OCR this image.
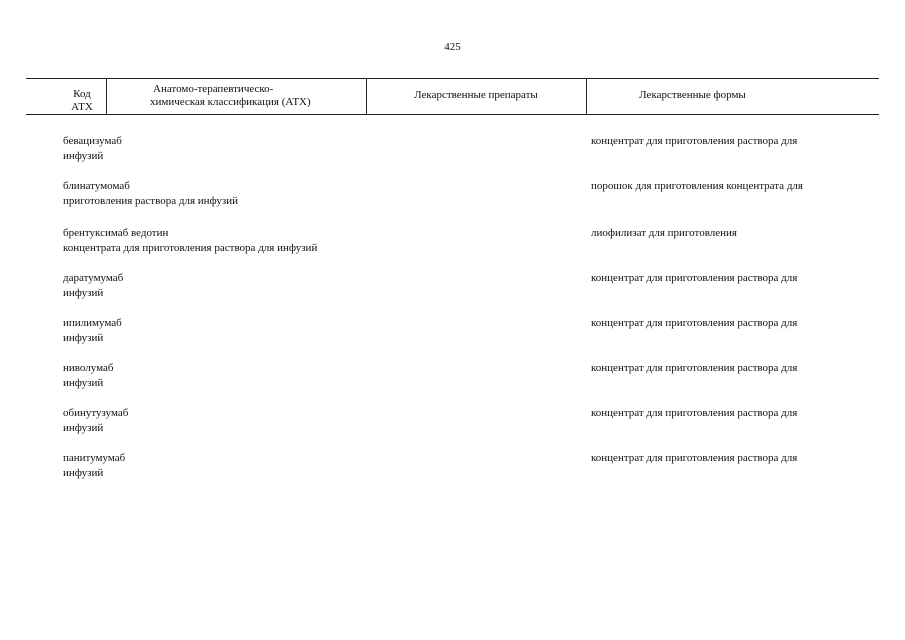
425
Код
АТХ
Анатомо-терапевтическо-
химическая классификация (АТХ)
Лекарственные препараты	Лекарственные формы
бевацизумаб
инфузий
концентрат для приготовления раствора для
блинатумомаб
приготовления раствора для инфузий
порошок для приготовления концентрата для
брентуксимаб ведотин
концентрата для приготовления раствора для инфузий
лиофилизат для приготовления
даратумумаб
инфузий
концентрат для приготовления раствора для
ипилимумаб
инфузий
концентрат для приготовления раствора для
ниволумаб
инфузий
концентрат для приготовления раствора для
обинутузумаб
инфузий
концентрат для приготовления раствора для
панитумумаб
инфузий
концентрат для приготовления раствора для
